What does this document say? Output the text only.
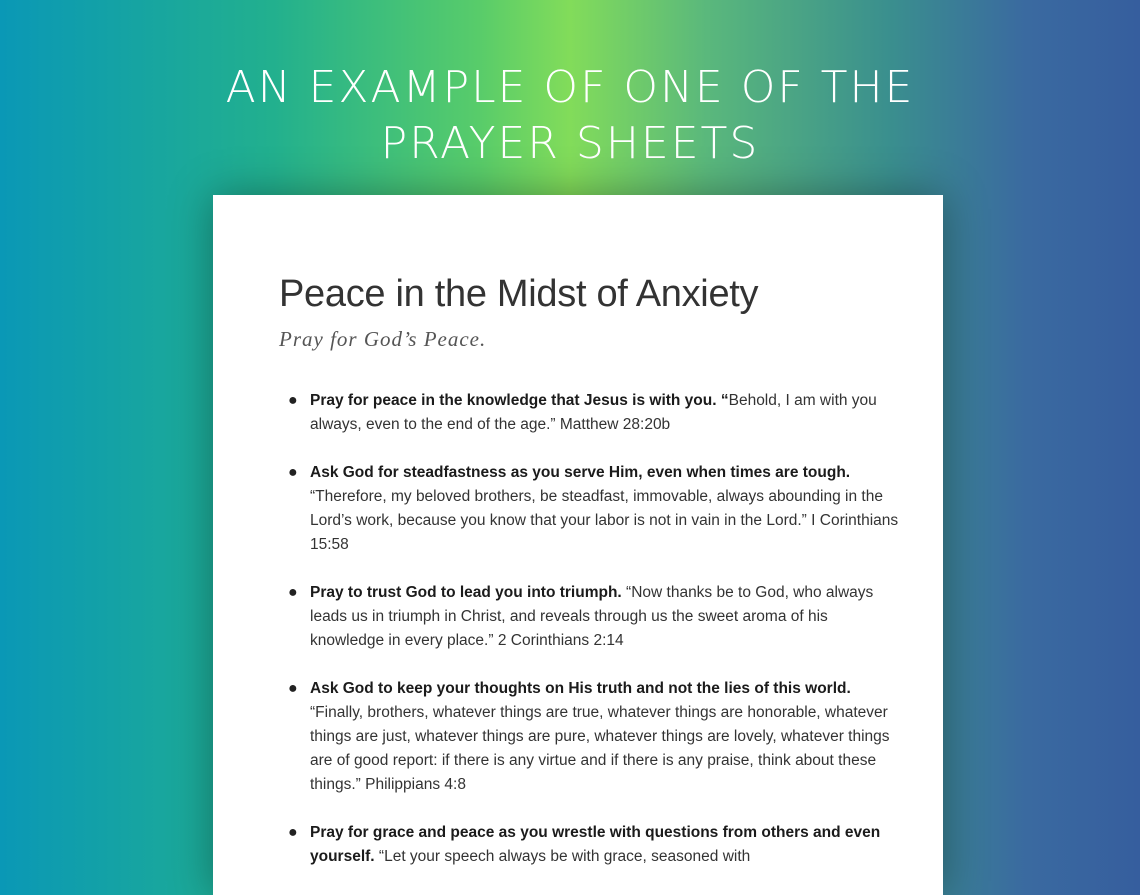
AN EXAMPLE OF ONE OF THE
PRAYER SHEETS
Peace in the Midst of Anxiety
Pray for God’s Peace.
● Pray for peace in the knowledge that Jesus is with you. “Behold, I am with you always, even to the end of the age.” Matthew 28:20b
● Ask God for steadfastness as you serve Him, even when times are tough. “Therefore, my beloved brothers, be steadfast, immovable, always abounding in the Lord’s work, because you know that your labor is not in vain in the Lord.” I Corinthians 15:58
● Pray to trust God to lead you into triumph. “Now thanks be to God, who always leads us in triumph in Christ, and reveals through us the sweet aroma of his knowledge in every place.” 2 Corinthians 2:14
● Ask God to keep your thoughts on His truth and not the lies of this world. “Finally, brothers, whatever things are true, whatever things are honorable, whatever things are just, whatever things are pure, whatever things are lovely, whatever things are of good report: if there is any virtue and if there is any praise, think about these things.” Philippians 4:8
● Pray for grace and peace as you wrestle with questions from others and even yourself. “Let your speech always be with grace, seasoned with
